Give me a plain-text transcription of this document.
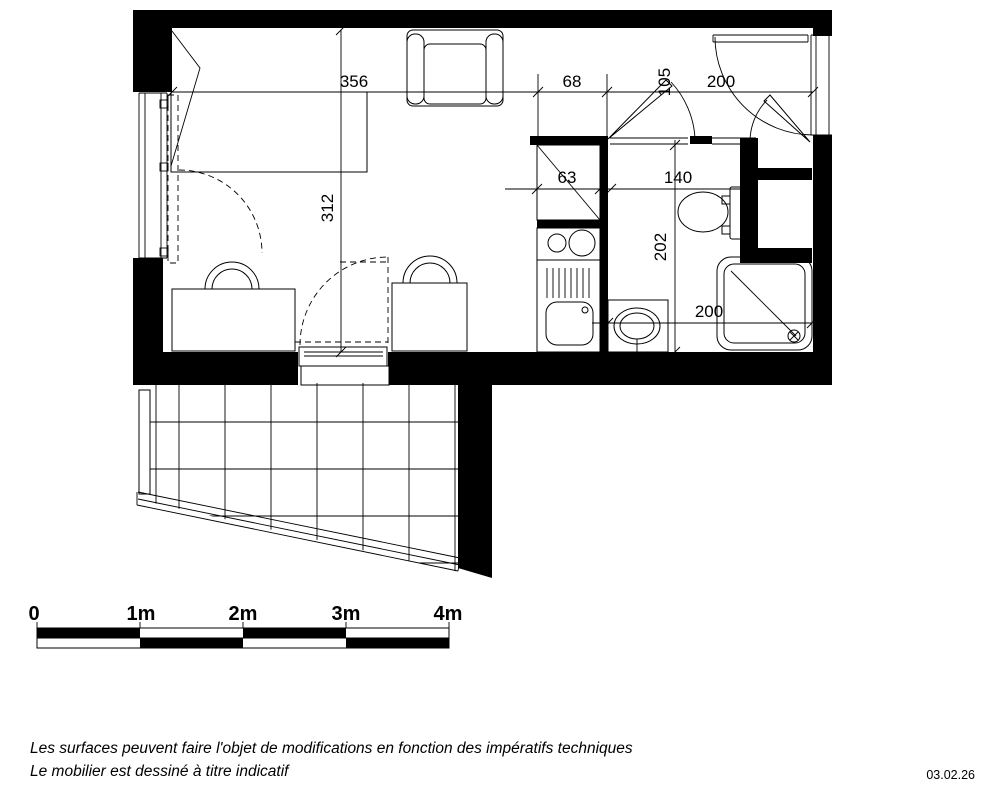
356	68	105 200
63	140
312
202
200
0	1m	2m	3m	4m
Les surfaces peuvent faire l'objet de modifications en fonction des impératifs techniques
Le mobilier est dessiné à titre indicatif	03.02.26
